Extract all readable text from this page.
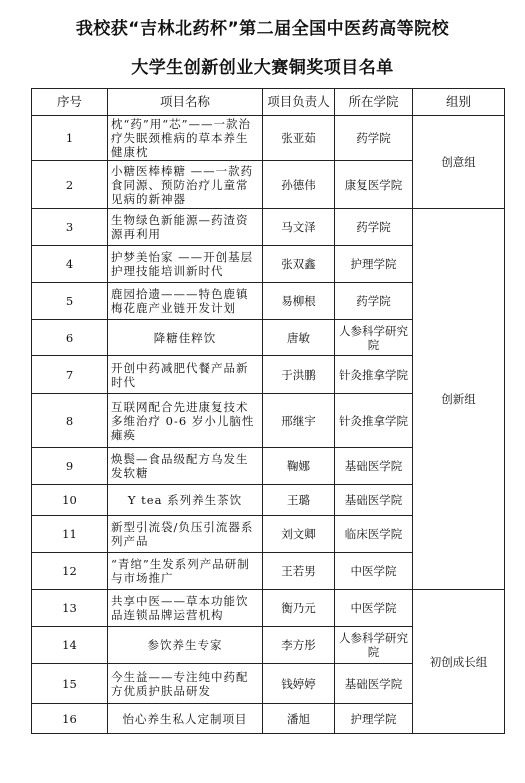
我校获“吉林北药杯”第二届全国中医药高等院校
大学生创新创业大赛铜奖项目名单
序号	项目名称	项目负责人	所在学院	组别
1	枕“药”用“芯”——一款治疗失眠颈椎病的草本养生健康枕	张亚茹	药学院	创意组
2	小糖医棒棒糖 ——一款药食同源、预防治疗儿童常见病的新神器	孙德伟	康复医学院	
3	生物绿色新能源—药渣资源再利用	马文泽	药学院	创新组
4	护梦美怡家 ——开创基层护理技能培训新时代	张双鑫	护理学院	
5	鹿园拾遗———特色鹿镇梅花鹿产业链开发计划	易柳根	药学院	
6	降糖佳粹饮	唐敏	人参科学研究院	
7	开创中药减肥代餐产品新时代	于洪鹏	针灸推拿学院	
8	互联网配合先进康复技术多维治疗 0-6 岁小儿脑性瘫痪	邢继宇	针灸推拿学院	
9	焕鬓—食品级配方乌发生发软糖	鞠娜	基础医学院	
10	Y tea 系列养生茶饮	王璐	基础医学院	
11	新型引流袋/负压引流器系列产品	刘文卿	临床医学院	
12	“青绾”生发系列产品研制与市场推广	王若男	中医学院	
13	共享中医——草本功能饮品连锁品牌运营机构	衡乃元	中医学院	初创成长组
14	参饮养生专家	李方彤	人参科学研究院	
15	今生益——专注纯中药配方优质护肤品研发	钱婷婷	基础医学院	
16	怡心养生私人定制项目	潘旭	护理学院	
